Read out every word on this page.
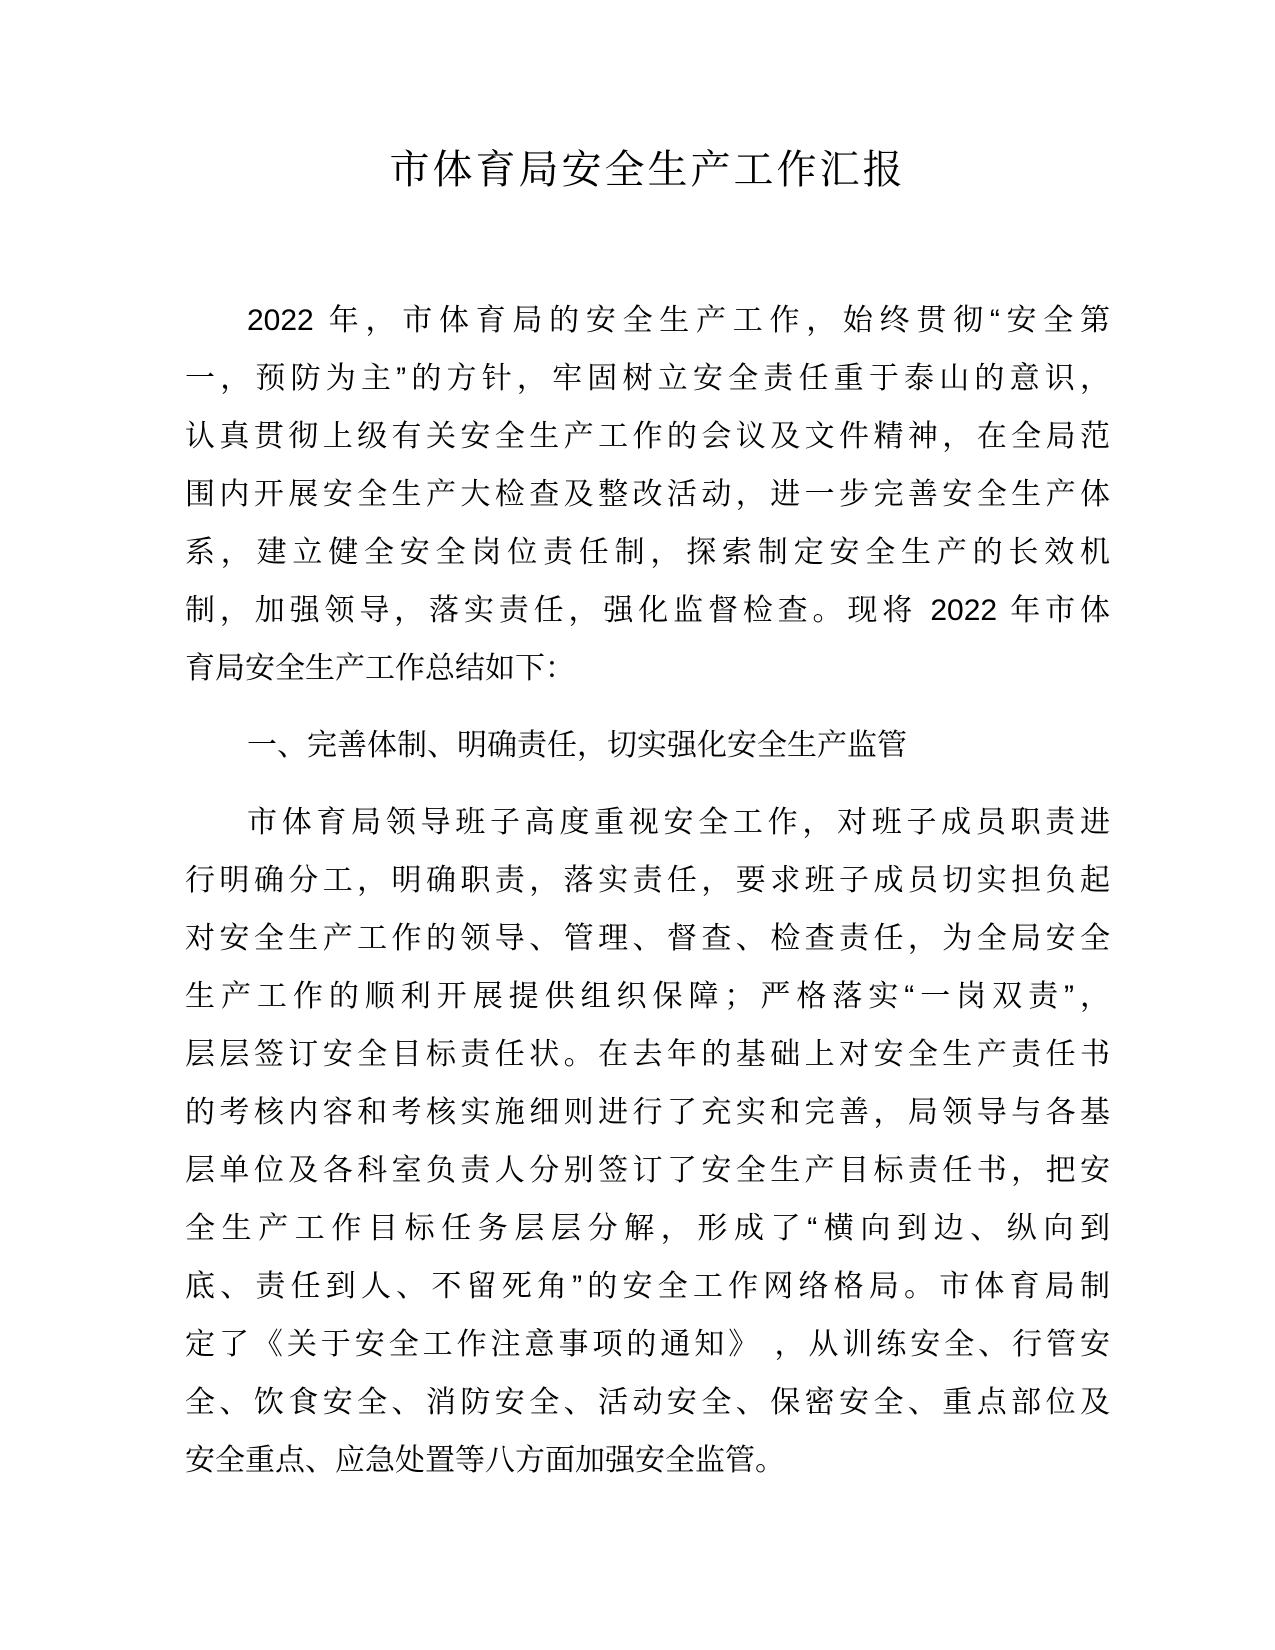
市体育局安全生产工作汇报
2022 年，市体育局的安全生产工作，始终贯彻“安全第
一，预防为主”的方针，牢固树立安全责任重于泰山的意识，
认真贯彻上级有关安全生产工作的会议及文件精神，在全局范
围内开展安全生产大检查及整改活动，进一步完善安全生产体
系，建立健全安全岗位责任制，探索制定安全生产的长效机
制，加强领导，落实责任，强化监督检查。现将 2022 年市体
育局安全生产工作总结如下：
一、完善体制、明确责任，切实强化安全生产监管
市体育局领导班子高度重视安全工作，对班子成员职责进
行明确分工，明确职责，落实责任，要求班子成员切实担负起
对安全生产工作的领导、管理、督查、检查责任，为全局安全
生产工作的顺利开展提供组织保障；严格落实“一岗双责”，
层层签订安全目标责任状。在去年的基础上对安全生产责任书
的考核内容和考核实施细则进行了充实和完善，局领导与各基
层单位及各科室负责人分别签订了安全生产目标责任书，把安
全生产工作目标任务层层分解，形成了“横向到边、纵向到
底、责任到人、不留死角”的安全工作网络格局。市体育局制
定了《关于安全工作注意事项的通知》 ，从训练安全、行管安
全、饮食安全、消防安全、活动安全、保密安全、重点部位及
安全重点、应急处置等八方面加强安全监管。
